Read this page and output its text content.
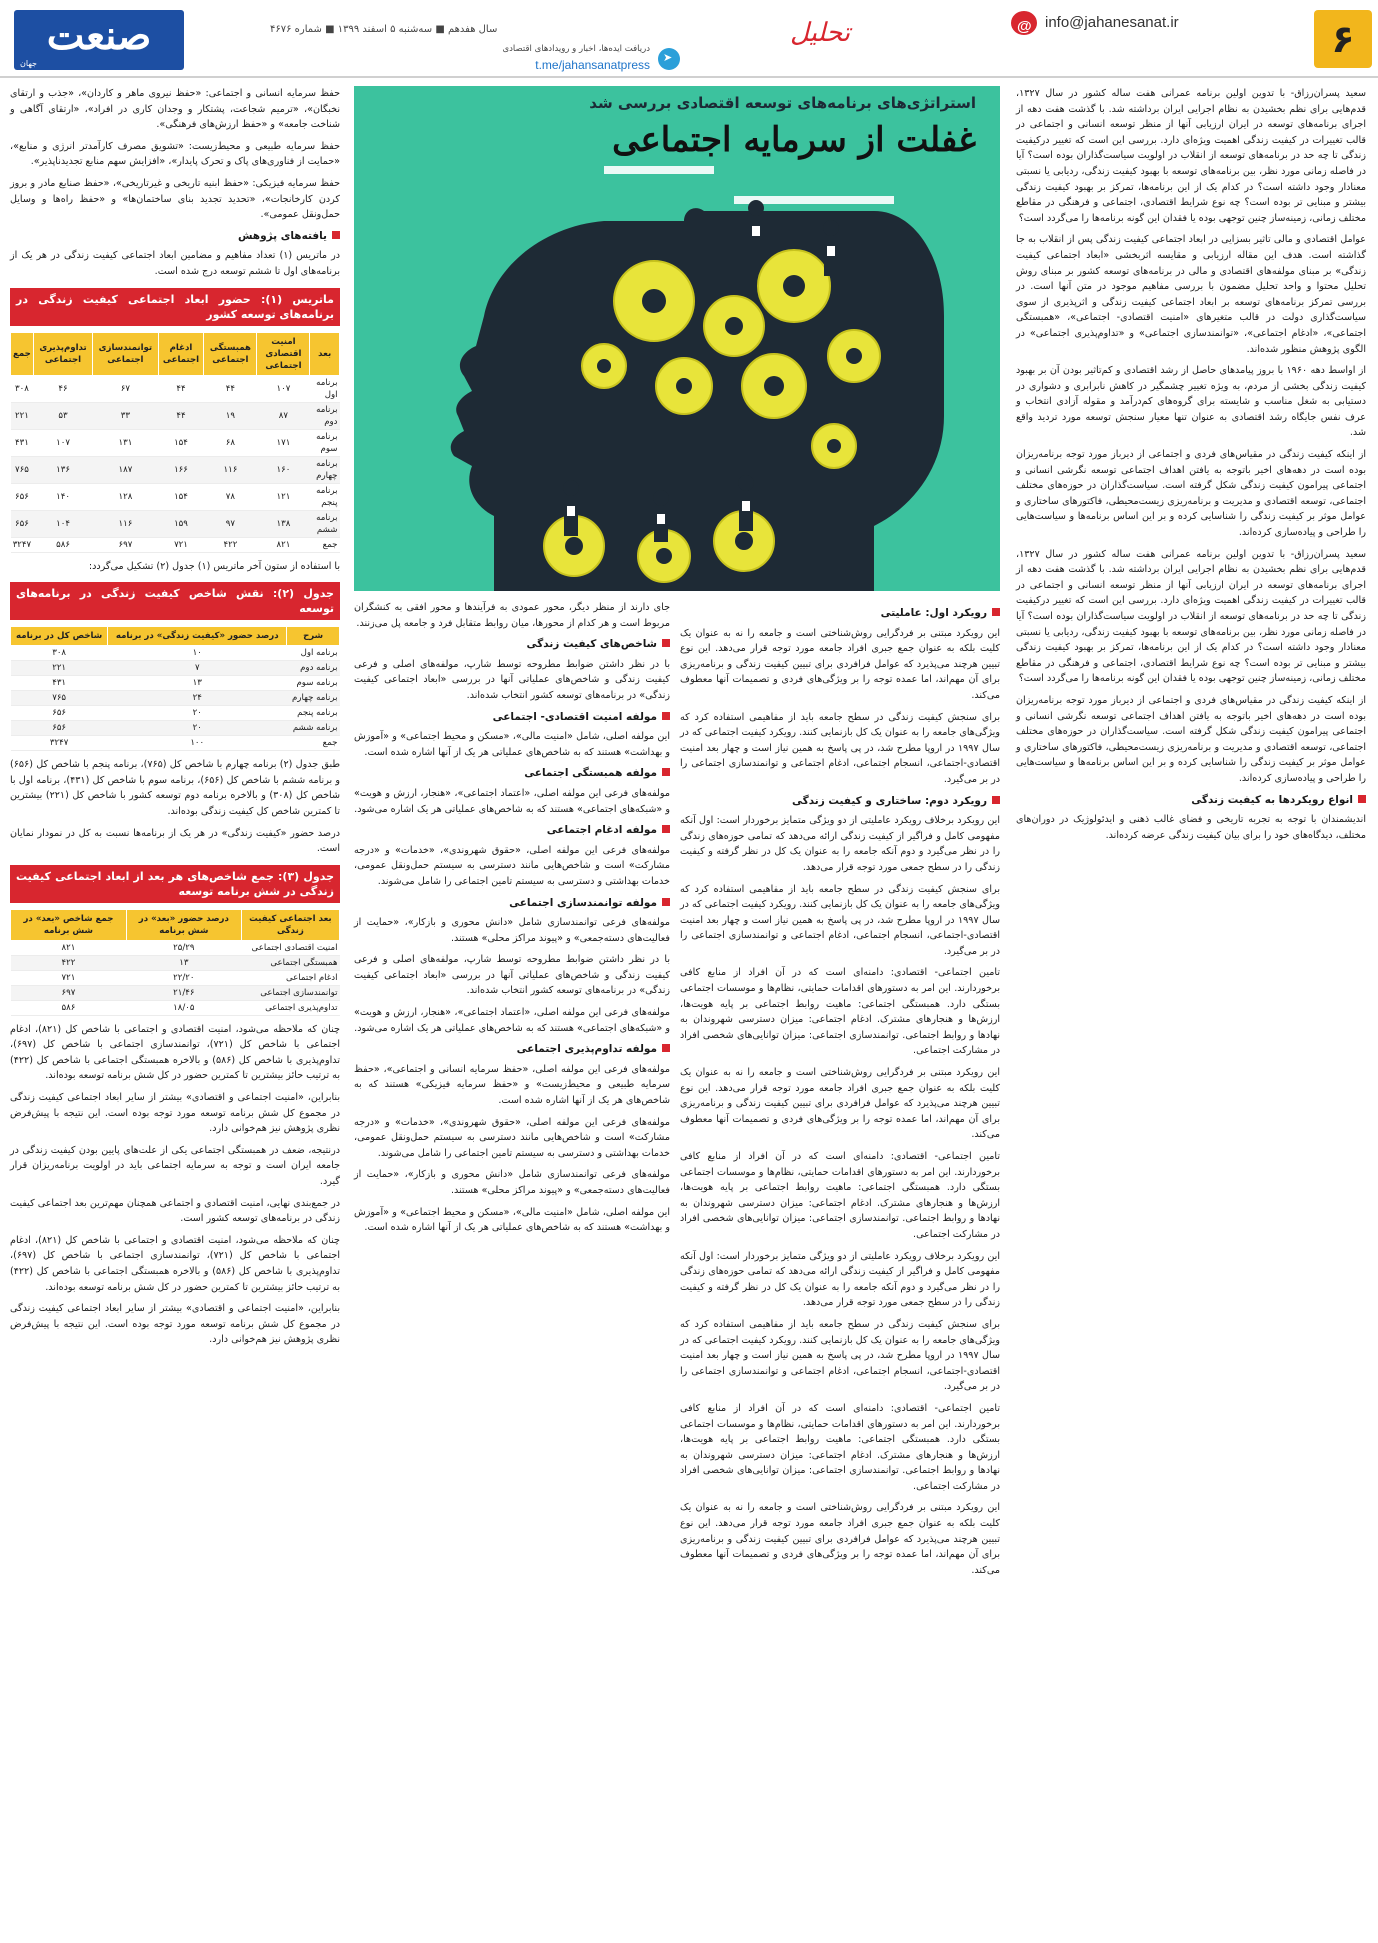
۶
@
info@jahanesanat.ir
تحلیل
➤
دریافت ایده‌ها، اخبار و رویدادهای اقتصادی
t.me/jahansanatpress
سال هفدهم ■ سه‌شنبه ۵ اسفند ۱۳۹۹ ■ شماره ۴۶۷۶
صنعت
جهان
استراتژی‌های برنامه‌های توسعه اقتصادی بررسی شد
غفلت از سرمایه اجتماعی
سعید پسران‌رزاق- با تدوین اولین برنامه عمرانی هفت ساله کشور در سال ۱۳۲۷، قدم‌هایی برای نظم بخشیدن به نظام اجرایی ایران برداشته شد. با گذشت هفت دهه از اجرای برنامه‌های توسعه در ایران ارزیابی آنها از منظر توسعه انسانی و اجتماعی در قالب تغییرات در کیفیت زندگی اهمیت ویژه‌ای دارد. بررسی این است که تغییر درکیفیت زندگی تا چه حد در برنامه‌های توسعه از انقلاب در اولویت سیاست‌گذاران بوده است؟ آیا در فاصله زمانی مورد نظر، بین برنامه‌های توسعه با بهبود کیفیت زندگی، ردیابی یا نسبتی معنادار وجود داشته است؟ در کدام یک از این برنامه‌ها، تمرکز بر بهبود کیفیت زندگی بیشتر و مبنایی تر بوده است؟ چه نوع شرایط اقتصادی، اجتماعی و فرهنگی در مقاطع مختلف زمانی، زمینه‌ساز چنین توجهی بوده یا فقدان این گونه برنامه‌ها را می‌گردد است؟
عوامل اقتصادی و مالی تاثیر بسزایی در ابعاد اجتماعی کیفیت زندگی پس از انقلاب به جا گذاشته است. هدف این مقاله ارزیابی و مقایسه اثربخشی «ابعاد اجتماعی کیفیت زندگی» بر مبنای مولفه‌های اقتصادی و مالی در برنامه‌های توسعه کشور بر مبنای روش تحلیل محتوا و واحد تحلیل مضمون با بررسی مفاهیم موجود در متن آنها است. در بررسی تمرکز برنامه‌های توسعه بر ابعاد اجتماعی کیفیت زندگی و اثرپذیری از سوی سیاست‌گذاری دولت در قالب متغیرهای «امنیت اقتصادی- اجتماعی»، «همبستگی اجتماعی»، «ادغام اجتماعی»، «توانمندسازی اجتماعی» و «تداوم‌پذیری اجتماعی» در الگوی پژوهش منظور شده‌اند.
از اواسط دهه ۱۹۶۰ با بروز پیامدهای حاصل از رشد اقتصادی و کم‌تاثیر بودن آن بر بهبود کیفیت زندگی بخشی از مردم، به ویژه تغییر چشمگیر در کاهش نابرابری و دشواری در دستیابی به شغل مناسب و شایسته برای گروه‌های کم‌درآمد و مقوله آزادی انتخاب و عرف نفس جایگاه رشد اقتصادی به عنوان تنها معیار سنجش توسعه مورد تردید واقع شد.
از اینکه کیفیت زندگی در مقیاس‌های فردی و اجتماعی از دیرباز مورد توجه برنامه‌ریزان بوده است در دهه‌های اخیر باتوجه به یافتن اهداف اجتماعی توسعه نگرشی انسانی و اجتماعی پیرامون کیفیت زندگی شکل گرفته است. سیاست‌گذاران در حوزه‌های مختلف اجتماعی، توسعه اقتصادی و مدیریت و برنامه‌ریزی زیست‌محیطی، فاکتورهای ساختاری و عوامل موثر بر کیفیت زندگی را شناسایی کرده و بر این اساس برنامه‌ها و سیاست‌هایی را طراحی و پیاده‌سازی کرده‌اند.
سعید پسران‌رزاق- با تدوین اولین برنامه عمرانی هفت ساله کشور در سال ۱۳۲۷، قدم‌هایی برای نظم بخشیدن به نظام اجرایی ایران برداشته شد. با گذشت هفت دهه از اجرای برنامه‌های توسعه در ایران ارزیابی آنها از منظر توسعه انسانی و اجتماعی در قالب تغییرات در کیفیت زندگی اهمیت ویژه‌ای دارد. بررسی این است که تغییر درکیفیت زندگی تا چه حد در برنامه‌های توسعه از انقلاب در اولویت سیاست‌گذاران بوده است؟ آیا در فاصله زمانی مورد نظر، بین برنامه‌های توسعه با بهبود کیفیت زندگی، ردیابی یا نسبتی معنادار وجود داشته است؟ در کدام یک از این برنامه‌ها، تمرکز بر بهبود کیفیت زندگی بیشتر و مبنایی تر بوده است؟ چه نوع شرایط اقتصادی، اجتماعی و فرهنگی در مقاطع مختلف زمانی، زمینه‌ساز چنین توجهی بوده یا فقدان این گونه برنامه‌ها را می‌گردد است؟
از اینکه کیفیت زندگی در مقیاس‌های فردی و اجتماعی از دیرباز مورد توجه برنامه‌ریزان بوده است در دهه‌های اخیر باتوجه به یافتن اهداف اجتماعی توسعه نگرشی انسانی و اجتماعی پیرامون کیفیت زندگی شکل گرفته است. سیاست‌گذاران در حوزه‌های مختلف اجتماعی، توسعه اقتصادی و مدیریت و برنامه‌ریزی زیست‌محیطی، فاکتورهای ساختاری و عوامل موثر بر کیفیت زندگی را شناسایی کرده و بر این اساس برنامه‌ها و سیاست‌هایی را طراحی و پیاده‌سازی کرده‌اند.
انواع رویکردها به کیفیت زندگی
اندیشمندان با توجه به تجربه تاریخی و فضای غالب ذهنی و ایدئولوژیک در دوران‌های مختلف، دیدگاه‌های خود را برای بیان کیفیت زندگی عرضه کرده‌اند.
رویکرد اول: عاملیتی
این رویکرد مبتنی بر فردگرایی روش‌شناختی است و جامعه را نه به عنوان یک کلیت بلکه به عنوان جمع جبری افراد جامعه مورد توجه قرار می‌دهد. این نوع تبیین هرچند می‌پذیرد که عوامل فرافردی برای تبیین کیفیت زندگی و برنامه‌ریزی برای آن مهم‌اند، اما عمده توجه را بر ویژگی‌های فردی و تصمیمات آنها معطوف می‌کند.
برای سنجش کیفیت زندگی در سطح جامعه باید از مفاهیمی استفاده کرد که ویژگی‌های جامعه را به عنوان یک کل بازنمایی کنند. رویکرد کیفیت اجتماعی که در سال ۱۹۹۷ در اروپا مطرح شد، در پی پاسخ به همین نیاز است و چهار بعد امنیت اقتصادی-اجتماعی، انسجام اجتماعی، ادغام اجتماعی و توانمندسازی اجتماعی را در بر می‌گیرد.
رویکرد دوم: ساختاری و کیفیت زندگی
این رویکرد برخلاف رویکرد عاملیتی از دو ویژگی متمایز برخوردار است: اول آنکه مفهومی کامل و فراگیر از کیفیت زندگی ارائه می‌دهد که تمامی حوزه‌های زندگی را در نظر می‌گیرد و دوم آنکه جامعه را به عنوان یک کل در نظر گرفته و کیفیت زندگی را در سطح جمعی مورد توجه قرار می‌دهد.
برای سنجش کیفیت زندگی در سطح جامعه باید از مفاهیمی استفاده کرد که ویژگی‌های جامعه را به عنوان یک کل بازنمایی کنند. رویکرد کیفیت اجتماعی که در سال ۱۹۹۷ در اروپا مطرح شد، در پی پاسخ به همین نیاز است و چهار بعد امنیت اقتصادی-اجتماعی، انسجام اجتماعی، ادغام اجتماعی و توانمندسازی اجتماعی را در بر می‌گیرد.
تامین اجتماعی- اقتصادی: دامنه‌ای است که در آن افراد از منابع کافی برخوردارند. این امر به دستورهای اقدامات حمایتی، نظام‌ها و موسسات اجتماعی بستگی دارد. همبستگی اجتماعی: ماهیت روابط اجتماعی بر پایه هویت‌ها، ارزش‌ها و هنجارهای مشترک. ادغام اجتماعی: میزان دسترسی شهروندان به نهادها و روابط اجتماعی. توانمندسازی اجتماعی: میزان توانایی‌های شخصی افراد در مشارکت اجتماعی.
این رویکرد مبتنی بر فردگرایی روش‌شناختی است و جامعه را نه به عنوان یک کلیت بلکه به عنوان جمع جبری افراد جامعه مورد توجه قرار می‌دهد. این نوع تبیین هرچند می‌پذیرد که عوامل فرافردی برای تبیین کیفیت زندگی و برنامه‌ریزی برای آن مهم‌اند، اما عمده توجه را بر ویژگی‌های فردی و تصمیمات آنها معطوف می‌کند.
تامین اجتماعی- اقتصادی: دامنه‌ای است که در آن افراد از منابع کافی برخوردارند. این امر به دستورهای اقدامات حمایتی، نظام‌ها و موسسات اجتماعی بستگی دارد. همبستگی اجتماعی: ماهیت روابط اجتماعی بر پایه هویت‌ها، ارزش‌ها و هنجارهای مشترک. ادغام اجتماعی: میزان دسترسی شهروندان به نهادها و روابط اجتماعی. توانمندسازی اجتماعی: میزان توانایی‌های شخصی افراد در مشارکت اجتماعی.
این رویکرد برخلاف رویکرد عاملیتی از دو ویژگی متمایز برخوردار است: اول آنکه مفهومی کامل و فراگیر از کیفیت زندگی ارائه می‌دهد که تمامی حوزه‌های زندگی را در نظر می‌گیرد و دوم آنکه جامعه را به عنوان یک کل در نظر گرفته و کیفیت زندگی را در سطح جمعی مورد توجه قرار می‌دهد.
برای سنجش کیفیت زندگی در سطح جامعه باید از مفاهیمی استفاده کرد که ویژگی‌های جامعه را به عنوان یک کل بازنمایی کنند. رویکرد کیفیت اجتماعی که در سال ۱۹۹۷ در اروپا مطرح شد، در پی پاسخ به همین نیاز است و چهار بعد امنیت اقتصادی-اجتماعی، انسجام اجتماعی، ادغام اجتماعی و توانمندسازی اجتماعی را در بر می‌گیرد.
تامین اجتماعی- اقتصادی: دامنه‌ای است که در آن افراد از منابع کافی برخوردارند. این امر به دستورهای اقدامات حمایتی، نظام‌ها و موسسات اجتماعی بستگی دارد. همبستگی اجتماعی: ماهیت روابط اجتماعی بر پایه هویت‌ها، ارزش‌ها و هنجارهای مشترک. ادغام اجتماعی: میزان دسترسی شهروندان به نهادها و روابط اجتماعی. توانمندسازی اجتماعی: میزان توانایی‌های شخصی افراد در مشارکت اجتماعی.
این رویکرد مبتنی بر فردگرایی روش‌شناختی است و جامعه را نه به عنوان یک کلیت بلکه به عنوان جمع جبری افراد جامعه مورد توجه قرار می‌دهد. این نوع تبیین هرچند می‌پذیرد که عوامل فرافردی برای تبیین کیفیت زندگی و برنامه‌ریزی برای آن مهم‌اند، اما عمده توجه را بر ویژگی‌های فردی و تصمیمات آنها معطوف می‌کند.
جای دارند از منظر دیگر، محور عمودی به فرآیندها و محور افقی به کنشگران مربوط است و هر کدام از محورها، میان روابط متقابل فرد و جامعه پل می‌زنند.
شاخص‌های کیفیت زندگی
با در نظر داشتن ضوابط مطروحه توسط شارپ، مولفه‌های اصلی و فرعی کیفیت زندگی و شاخص‌های عملیاتی آنها در بررسی «ابعاد اجتماعی کیفیت زندگی» در برنامه‌های توسعه کشور انتخاب شده‌اند.
مولفه امنیت اقتصادی- اجتماعی
این مولفه اصلی، شامل «امنیت مالی»، «مسکن و محیط اجتماعی» و «آموزش و بهداشت» هستند که به شاخص‌های عملیاتی هر یک از آنها اشاره شده است.
مولفه همبستگی اجتماعی
مولفه‌های فرعی این مولفه اصلی، «اعتماد اجتماعی»، «هنجار، ارزش و هویت» و «شبکه‌های اجتماعی» هستند که به شاخص‌های عملیاتی هر یک اشاره می‌شود.
مولفه ادغام اجتماعی
مولفه‌های فرعی این مولفه اصلی، «حقوق شهروندی»، «خدمات» و «درجه مشارکت» است و شاخص‌هایی مانند دسترسی به سیستم حمل‌ونقل عمومی، خدمات بهداشتی و دسترسی به سیستم تامین اجتماعی را شامل می‌شوند.
مولفه توانمندسازی اجتماعی
مولفه‌های فرعی توانمندسازی شامل «دانش محوری و بازکار»، «حمایت از فعالیت‌های دسته‌جمعی» و «پیوند مراکز محلی» هستند.
با در نظر داشتن ضوابط مطروحه توسط شارپ، مولفه‌های اصلی و فرعی کیفیت زندگی و شاخص‌های عملیاتی آنها در بررسی «ابعاد اجتماعی کیفیت زندگی» در برنامه‌های توسعه کشور انتخاب شده‌اند.
مولفه‌های فرعی این مولفه اصلی، «اعتماد اجتماعی»، «هنجار، ارزش و هویت» و «شبکه‌های اجتماعی» هستند که به شاخص‌های عملیاتی هر یک اشاره می‌شود.
مولفه تداوم‌پذیری اجتماعی
مولفه‌های فرعی این مولفه اصلی، «حفظ سرمایه انسانی و اجتماعی»، «حفظ سرمایه طبیعی و محیط‌زیست» و «حفظ سرمایه فیزیکی» هستند که به شاخص‌های هر یک از آنها اشاره شده است.
مولفه‌های فرعی این مولفه اصلی، «حقوق شهروندی»، «خدمات» و «درجه مشارکت» است و شاخص‌هایی مانند دسترسی به سیستم حمل‌ونقل عمومی، خدمات بهداشتی و دسترسی به سیستم تامین اجتماعی را شامل می‌شوند.
مولفه‌های فرعی توانمندسازی شامل «دانش محوری و بازکار»، «حمایت از فعالیت‌های دسته‌جمعی» و «پیوند مراکز محلی» هستند.
این مولفه اصلی، شامل «امنیت مالی»، «مسکن و محیط اجتماعی» و «آموزش و بهداشت» هستند که به شاخص‌های عملیاتی هر یک از آنها اشاره شده است.
حفظ سرمایه انسانی و اجتماعی: «حفظ نیروی ماهر و کاردان»، «جذب و ارتقای نخبگان»، «ترمیم شجاعت، پشتکار و وجدان کاری در افراد»، «ارتقای آگاهی و شناخت جامعه» و «حفظ ارزش‌های فرهنگی».
حفظ سرمایه طبیعی و محیط‌زیست: «تشویق مصرف کارآمدتر انرژی و منابع»، «حمایت از فناوری‌های پاک و تحرک پایدار»، «افزایش سهم منابع تجدیدناپذیر».
حفظ سرمایه فیزیکی: «حفظ ابنیه تاریخی و غیرتاریخی»، «حفظ صنایع مادر و بروز کردن کارخانجات»، «تحدید تجدید بنای ساختمان‌ها» و «حفظ راه‌ها و وسایل حمل‌ونقل عمومی».
یافته‌های پژوهش
در ماتریس (۱) تعداد مفاهیم و مضامین ابعاد اجتماعی کیفیت زندگی در هر یک از برنامه‌های اول تا ششم توسعه درج شده است.
ماتریس (۱): حضور ابعاد اجتماعی کیفیت زندگی در برنامه‌های توسعه کشور
بعد	امنیت اقتصادی اجتماعی	همبستگی اجتماعی	ادغام اجتماعی	توانمندسازی اجتماعی	تداوم‌پذیری اجتماعی	جمع
برنامه اول	۱۰۷	۴۴	۴۴	۶۷	۴۶	۳۰۸
برنامه دوم	۸۷	۱۹	۴۴	۳۳	۵۳	۲۲۱
برنامه سوم	۱۷۱	۶۸	۱۵۴	۱۳۱	۱۰۷	۴۳۱
برنامه چهارم	۱۶۰	۱۱۶	۱۶۶	۱۸۷	۱۳۶	۷۶۵
برنامه پنجم	۱۲۱	۷۸	۱۵۴	۱۲۸	۱۴۰	۶۵۶
برنامه ششم	۱۳۸	۹۷	۱۵۹	۱۱۶	۱۰۴	۶۵۶
جمع	۸۲۱	۴۲۲	۷۲۱	۶۹۷	۵۸۶	۳۲۴۷
با استفاده از ستون آخر ماتریس (۱) جدول (۲) تشکیل می‌گردد:
جدول (۲): نقش شاخص کیفیت زندگی در برنامه‌های توسعه
شرح	درصد حضور «کیفیت زندگی» در برنامه	شاخص کل در برنامه
برنامه اول	۱۰	۳۰۸
برنامه دوم	۷	۲۲۱
برنامه سوم	۱۳	۴۳۱
برنامه چهارم	۲۴	۷۶۵
برنامه پنجم	۲۰	۶۵۶
برنامه ششم	۲۰	۶۵۶
جمع	۱۰۰	۳۲۴۷
طبق جدول (۲) برنامه چهارم با شاخص کل (۷۶۵)، برنامه پنجم با شاخص کل (۶۵۶) و برنامه ششم با شاخص کل (۶۵۶)، برنامه سوم با شاخص کل (۴۳۱)، برنامه اول با شاخص کل (۳۰۸) و بالاخره برنامه دوم توسعه کشور با شاخص کل (۲۲۱) بیشترین تا کمترین شاخص کل کیفیت زندگی بوده‌اند.
درصد حضور «کیفیت زندگی» در هر یک از برنامه‌ها نسبت به کل در نمودار نمایان است.
جدول (۳): جمع شاخص‌های هر بعد از ابعاد اجتماعی کیفیت زندگی در شش برنامه توسعه
بعد اجتماعی کیفیت زندگی	درصد حضور «بعد» در شش برنامه	جمع شاخص «بعد» در شش برنامه
امنیت اقتصادی اجتماعی	۲۵/۲۹	۸۲۱
همبستگی اجتماعی	۱۳	۴۲۲
ادغام اجتماعی	۲۲/۲۰	۷۲۱
توانمندسازی اجتماعی	۲۱/۴۶	۶۹۷
تداوم‌پذیری اجتماعی	۱۸/۰۵	۵۸۶
چنان که ملاحظه می‌شود، امنیت اقتصادی و اجتماعی با شاخص کل (۸۲۱)، ادغام اجتماعی با شاخص کل (۷۲۱)، توانمندسازی اجتماعی با شاخص کل (۶۹۷)، تداوم‌پذیری با شاخص کل (۵۸۶) و بالاخره همبستگی اجتماعی با شاخص کل (۴۲۲) به ترتیب حائز بیشترین تا کمترین حضور در کل شش برنامه توسعه بوده‌اند.
بنابراین، «امنیت اجتماعی و اقتصادی» بیشتر از سایر ابعاد اجتماعی کیفیت زندگی در مجموع کل شش برنامه توسعه مورد توجه بوده است. این نتیجه با پیش‌فرض نظری پژوهش نیز هم‌خوانی دارد.
درنتیجه، ضعف در همبستگی اجتماعی یکی از علت‌های پایین بودن کیفیت زندگی در جامعه ایران است و توجه به سرمایه اجتماعی باید در اولویت برنامه‌ریزان قرار گیرد.
در جمع‌بندی نهایی، امنیت اقتصادی و اجتماعی همچنان مهم‌ترین بعد اجتماعی کیفیت زندگی در برنامه‌های توسعه کشور است.
چنان که ملاحظه می‌شود، امنیت اقتصادی و اجتماعی با شاخص کل (۸۲۱)، ادغام اجتماعی با شاخص کل (۷۲۱)، توانمندسازی اجتماعی با شاخص کل (۶۹۷)، تداوم‌پذیری با شاخص کل (۵۸۶) و بالاخره همبستگی اجتماعی با شاخص کل (۴۲۲) به ترتیب حائز بیشترین تا کمترین حضور در کل شش برنامه توسعه بوده‌اند.
بنابراین، «امنیت اجتماعی و اقتصادی» بیشتر از سایر ابعاد اجتماعی کیفیت زندگی در مجموع کل شش برنامه توسعه مورد توجه بوده است. این نتیجه با پیش‌فرض نظری پژوهش نیز هم‌خوانی دارد.
